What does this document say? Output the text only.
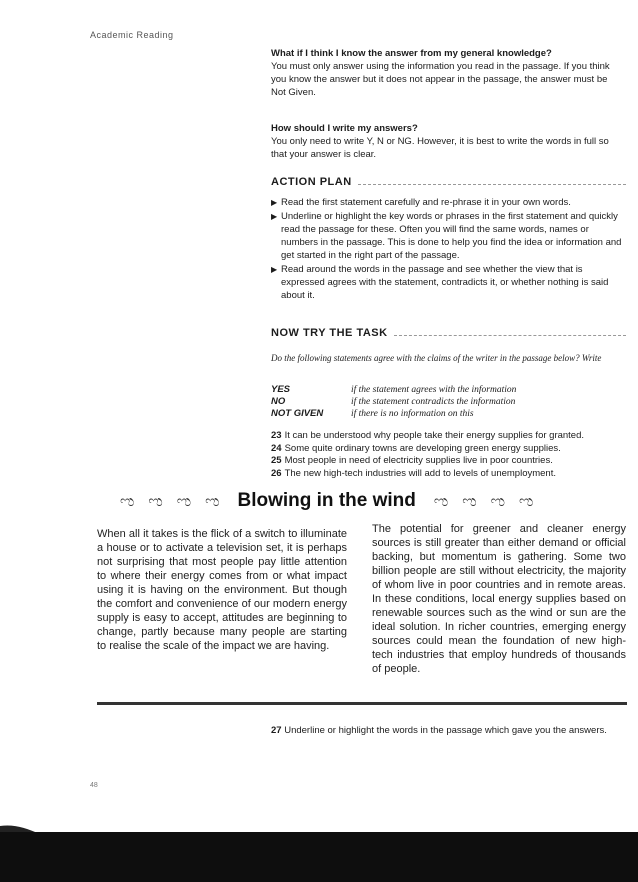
Academic Reading
What if I think I know the answer from my general knowledge?

You must only answer using the information you read in the passage. If you think you know the answer but it does not appear in the passage, the answer must be Not Given.

How should I write my answers?

You only need to write Y, N or NG. However, it is best to write the words in full so that your answer is clear.

ACTION PLAN
▶ Read the first statement carefully and re-phrase it in your own words.
▶ Underline or highlight the key words or phrases in the first statement and quickly read the passage for these. Often you will find the same words, names or numbers in the passage. This is done to help you find the idea or information and get started in the right part of the passage.
▶ Read around the words in the passage and see whether the view that is expressed agrees with the statement, contradicts it, or whether nothing is said about it.
NOW TRY THE TASK
Do the following statements agree with the claims of the writer in the passage below? Write
YES	if the statement agrees with the information
NO	if the statement contradicts the information
NOT GIVEN	if there is no information on this
23 It can be understood why people take their energy supplies for granted.
24 Some quite ordinary towns are developing green energy supplies.
25 Most people in need of electricity supplies live in poor countries.
26 The new high-tech industries will add to levels of unemployment.
ಌ ಌ ಌ ಌ Blowing in the wind ಌ ಌ ಌ ಌ
When all it takes is the flick of a switch to illuminate a house or to activate a television set, it is perhaps not surprising that most people pay little attention to where their energy comes from or what impact using it is having on the environment. But though the comfort and convenience of our modern energy supply is easy to accept, attitudes are beginning to change, partly because many people are starting to realise the scale of the impact we are having.
The potential for greener and cleaner energy sources is still greater than either demand or official backing, but momentum is gathering. Some two billion people are still without electricity, the majority of whom live in poor countries and in remote areas. In these conditions, local energy supplies based on renewable sources such as the wind or sun are the ideal solution. In richer countries, emerging energy sources could mean the foundation of new high-tech industries that employ hundreds of thousands of people.
27 Underline or highlight the words in the passage which gave you the answers.
48
